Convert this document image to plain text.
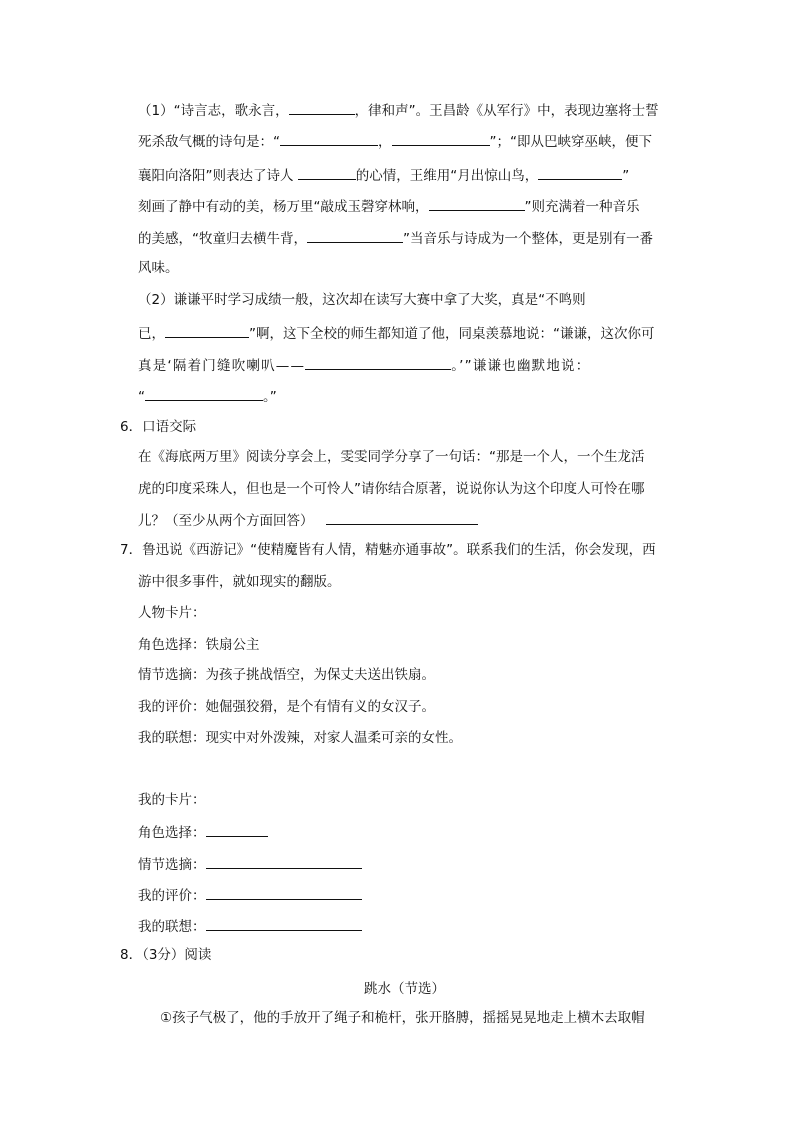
（1）“诗言志，歌永言，	，律和声”。王昌龄《从军行》中，表现边塞将士誓
死杀敌气概的诗句是：“	，	”；“即从巴峡穿巫峡，便下
襄阳向洛阳”则表达了诗人	的心情，王维用“月出惊山鸟，	”
刻画了静中有动的美，杨万里“敲成玉磬穿林响，	”则充满着一种音乐
的美感，“牧童归去横牛背，	”当音乐与诗成为一个整体，更是别有一番
风味。
（2）谦谦平时学习成绩一般，这次却在读写大赛中拿了大奖，真是“不鸣则
已，	”啊，这下全校的师生都知道了他，同桌羡慕地说：“谦谦，这次你可
真是‘隔着门缝吹喇叭——	。’”谦谦也幽默地说：
“	。”
6．口语交际
在《海底两万里》阅读分享会上，雯雯同学分享了一句话：“那是一个人，一个生龙活
虎的印度采珠人，但也是一个可怜人”请你结合原著，说说你认为这个印度人可怜在哪
儿？（至少从两个方面回答）
7．鲁迅说《西游记》“使精魔皆有人情，精魅亦通事故”。联系我们的生活，你会发现，西
游中很多事件，就如现实的翻版。
人物卡片：
角色选择：铁扇公主
情节选摘：为孩子挑战悟空，为保丈夫送出铁扇。
我的评价：她倔强狡猾，是个有情有义的女汉子。
我的联想：现实中对外泼辣，对家人温柔可亲的女性。
我的卡片：
角色选择：
情节选摘：
我的评价：
我的联想：
8．（3分）阅读
跳水（节选）
①孩子气极了，他的手放开了绳子和桅杆，张开胳膊，摇摇晃晃地走上横木去取帽
